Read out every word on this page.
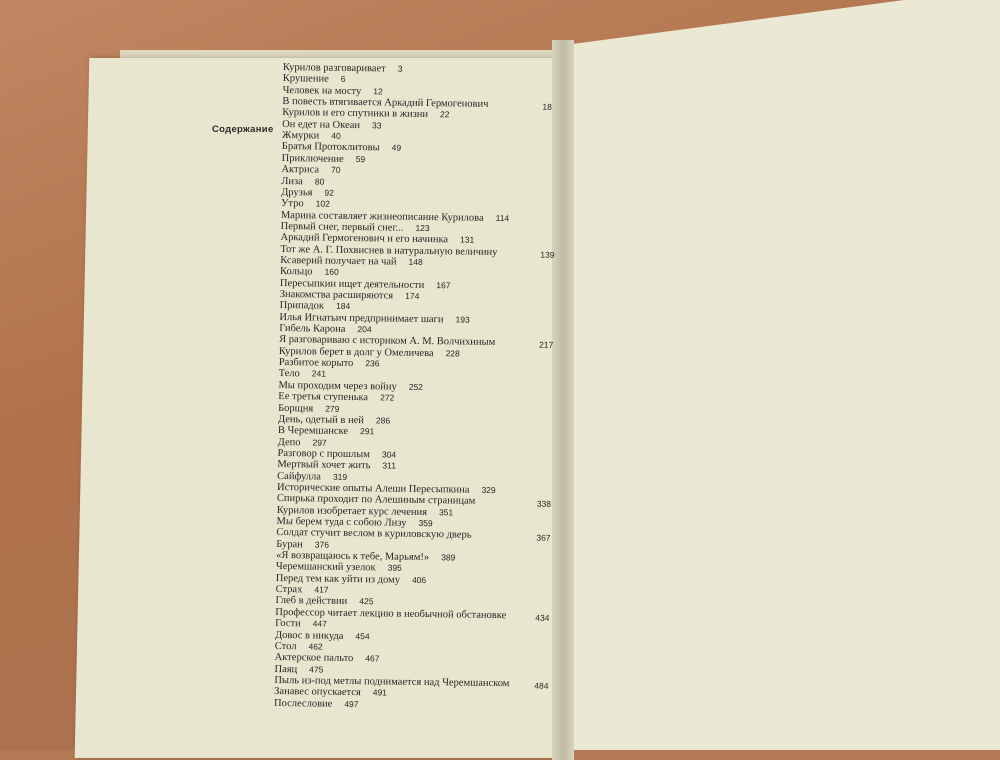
Содержание
Курилов разговаривает 3
Крушение 6
Человек на мосту 12
В повесть втягивается Аркадий Гермогенович	18
Курилов и его спутники в жизни 22
Он едет на Океан 33
Жмурки 40
Братья Протоклитовы 49
Приключение 59
Актриса 70
Лиза 80
Друзья 92
Утро 102
Марина составляет жизнеописание Курилова 114
Первый снег, первый снег... 123
Аркадий Гермогенович и его начинка 131
Тот же А. Г. Похвиснев в натуральную величину	139
Ксаверий получает на чай 148
Кольцо 160
Пересыпкин ищет деятельности 167
Знакомства расширяются 174
Припадок 184
Илья Игнатьич предпринимает шаги 193
Гибель Карона 204
Я разговариваю с историком А. М. Волчихиным	217
Курилов берет в долг у Омеличева 228
Разбитое корыто 236
Тело 241
Мы проходим через войну 252
Ее третья ступенька 272
Борщня 279
День, одетый в ней 286
В Черемшанске 291
Депо 297
Разговор с прошлым 304
Мертвый хочет жить 311
Сайфулла 319
Исторические опыты Алеши Пересыпкина 329
Спирька проходит по Алешиным страницам	338
Курилов изобретает курс лечения 351
Мы берем туда с собою Лизу 359
Солдат стучит веслом в куриловскую дверь	367
Буран 376
«Я возвращаюсь к тебе, Марьям!» 389
Черемшанский узелок 395
Перед тем как уйти из дому 406
Страх 417
Глеб в действии 425
Профессор читает лекцию в необычной обстановке	434
Гости 447
Довос в никуда 454
Стол 462
Актерское пальто 467
Паяц 475
Пыль из-под метлы поднимается над Черемшанском	484
Занавес опускается 491
Послесловие 497
